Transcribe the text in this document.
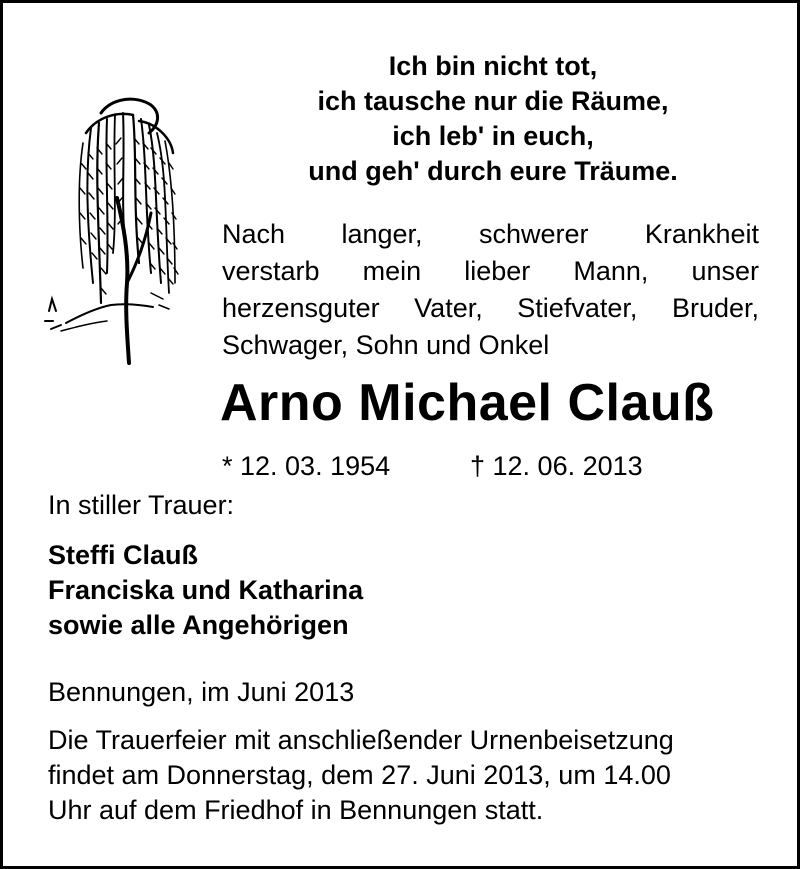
Ich bin nicht tot,
ich tausche nur die Räume,
ich leb' in euch,
und geh' durch eure Träume.
Nach langer, schwerer Krankheit
verstarb mein lieber Mann, unser
herzensguter Vater, Stiefvater, Bruder,
Schwager, Sohn und Onkel
Arno Michael Clauß
* 12. 03. 1954	† 12. 06. 2013
In stiller Trauer:
Steffi Clauß
Franciska und Katharina
sowie alle Angehörigen
Bennungen, im Juni 2013
Die Trauerfeier mit anschließender Urnenbeisetzung
findet am Donnerstag, dem 27. Juni 2013, um 14.00
Uhr auf dem Friedhof in Bennungen statt.
